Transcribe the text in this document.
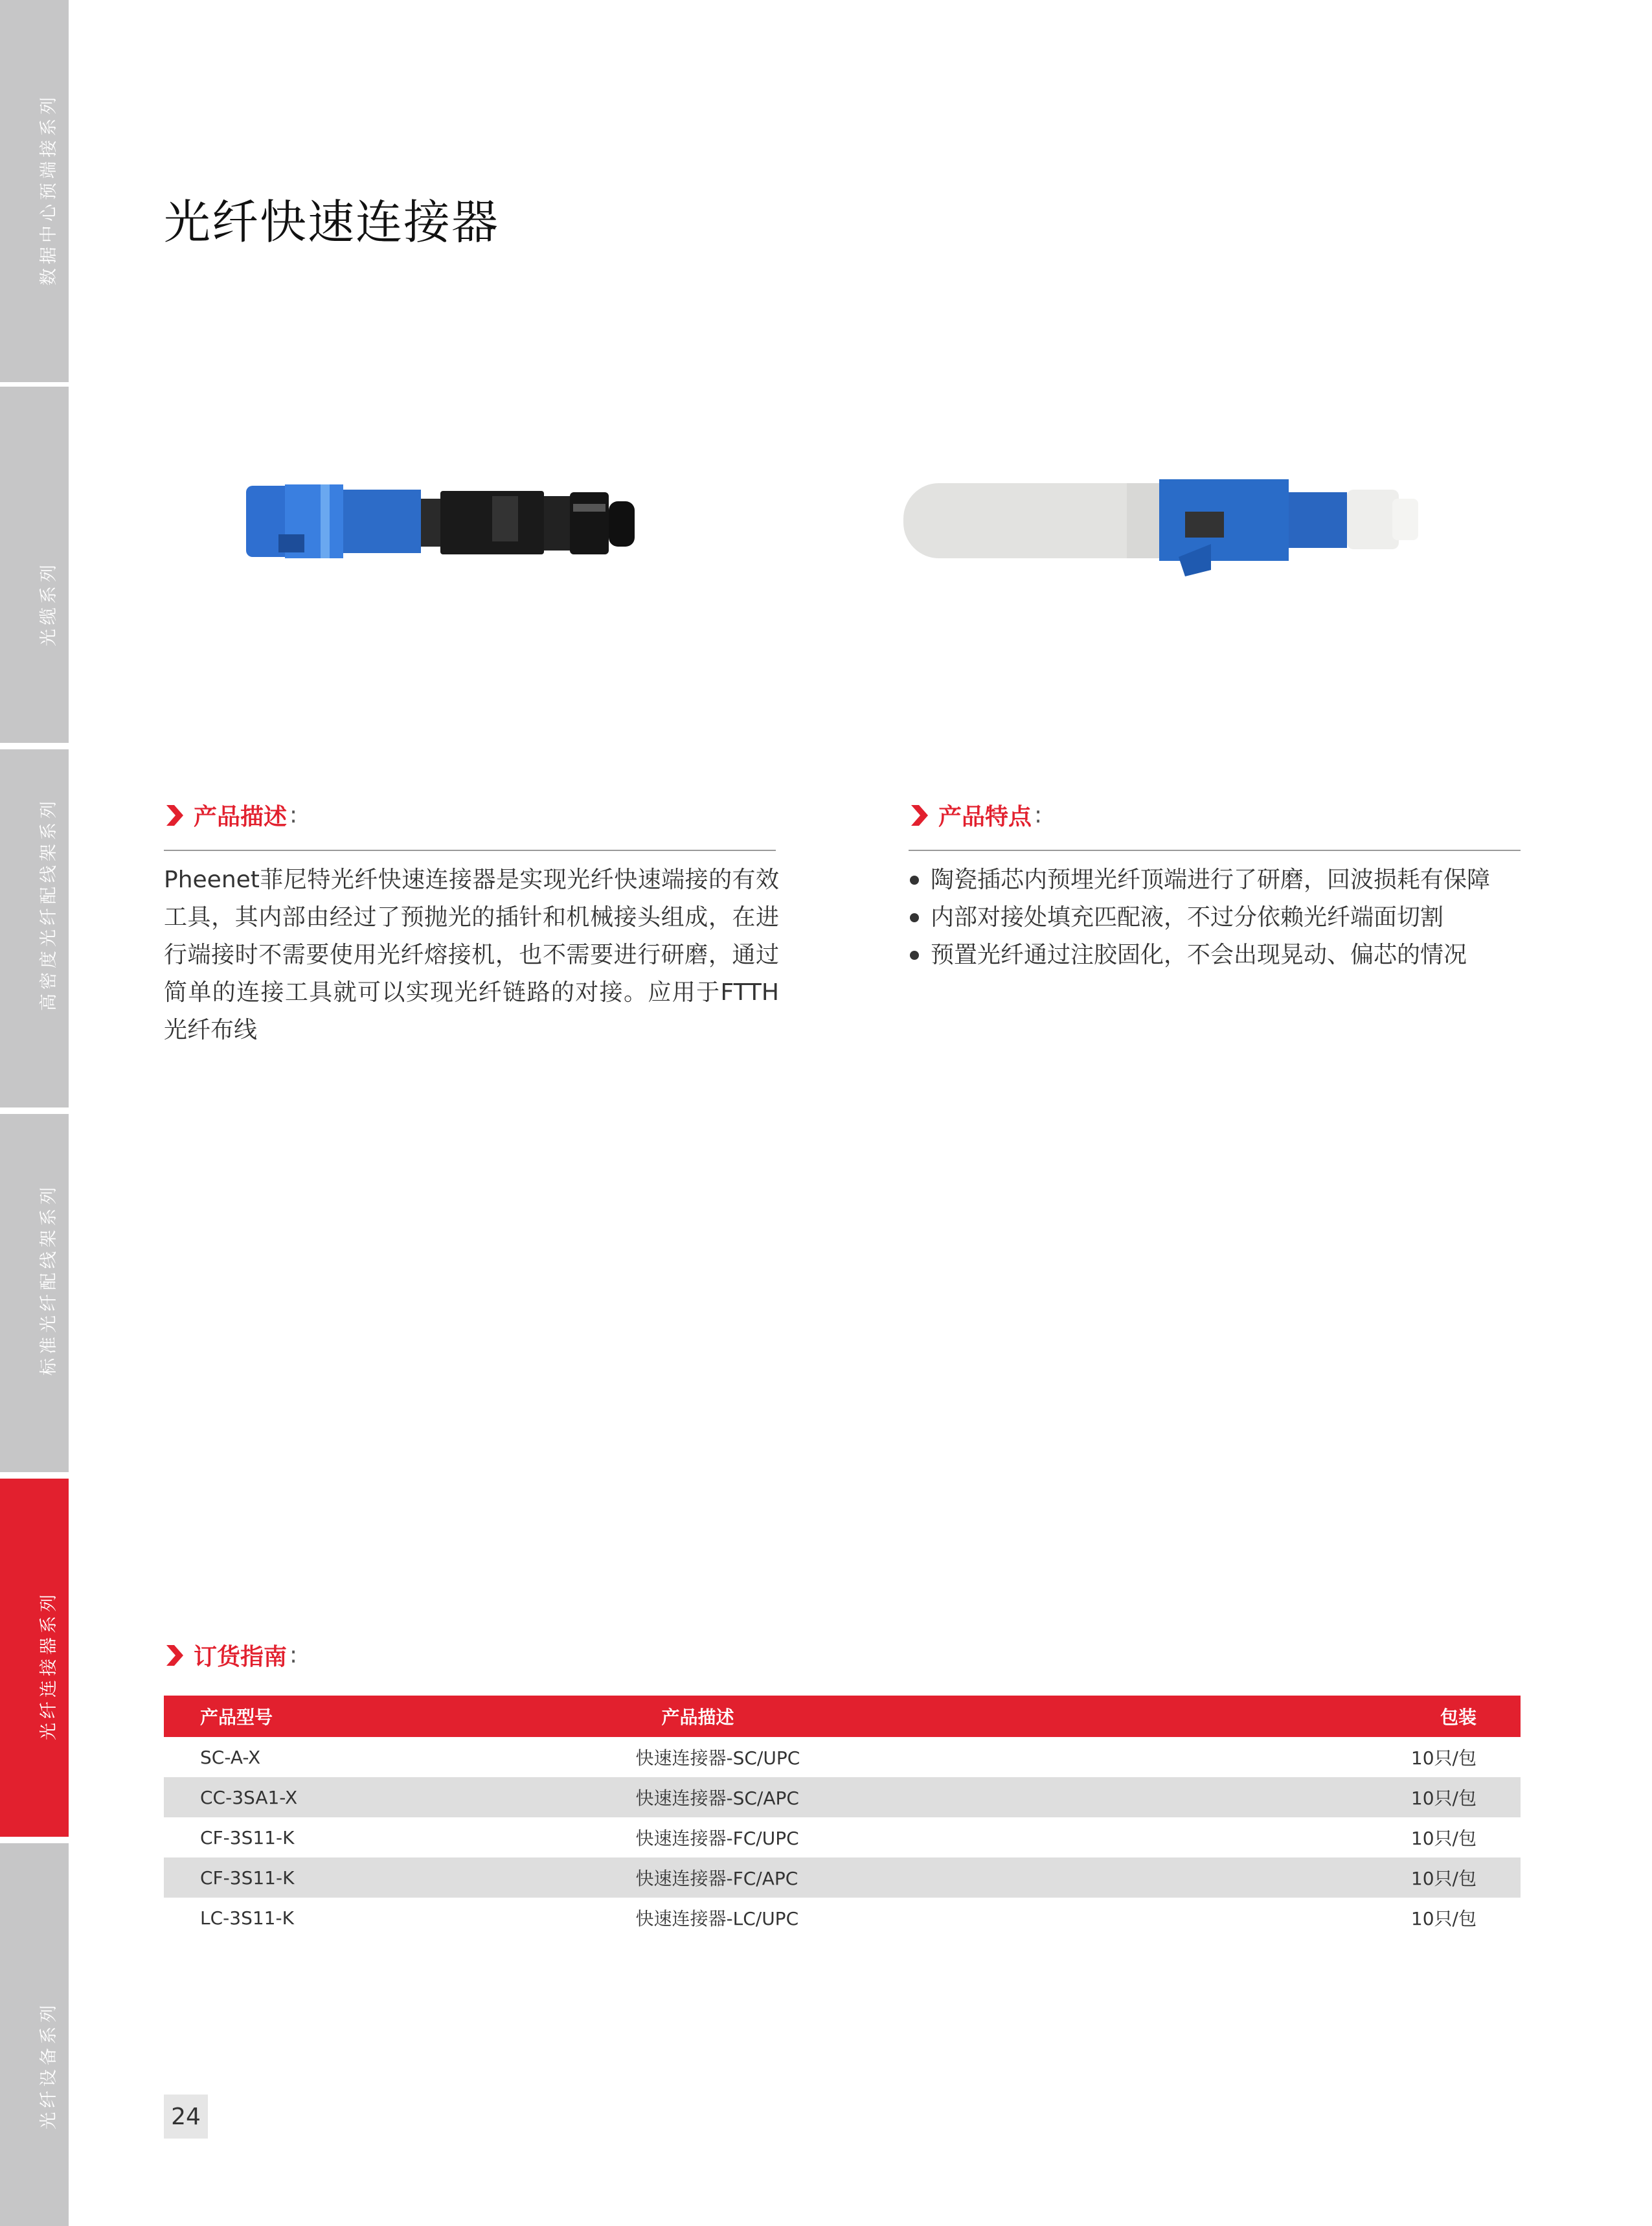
数据中心预端接系列
光缆系列
高密度光纤配线架系列
标准光纤配线架系列
光纤连接器系列
光纤设备系列
光纤快速连接器
产品描述 :
Pheenet菲尼特光纤快速连接器是实现光纤快速端接的有效工具，其内部由经过了预抛光的插针和机械接头组成，在进行端接时不需要使用光纤熔接机，也不需要进行研磨，通过简单的连接工具就可以实现光纤链路的对接。应用于FTTH光纤布线
产品特点 :
陶瓷插芯内预埋光纤顶端进行了研磨，回波损耗有保障
内部对接处填充匹配液，不过分依赖光纤端面切割
预置光纤通过注胶固化，不会出现晃动、偏芯的情况
订货指南 :
产品型号	产品描述	包装
SC-A-X	快速连接器-SC/UPC	10只/包
CC-3SA1-X	快速连接器-SC/APC	10只/包
CF-3S11-K	快速连接器-FC/UPC	10只/包
CF-3S11-K	快速连接器-FC/APC	10只/包
LC-3S11-K	快速连接器-LC/UPC	10只/包
24
